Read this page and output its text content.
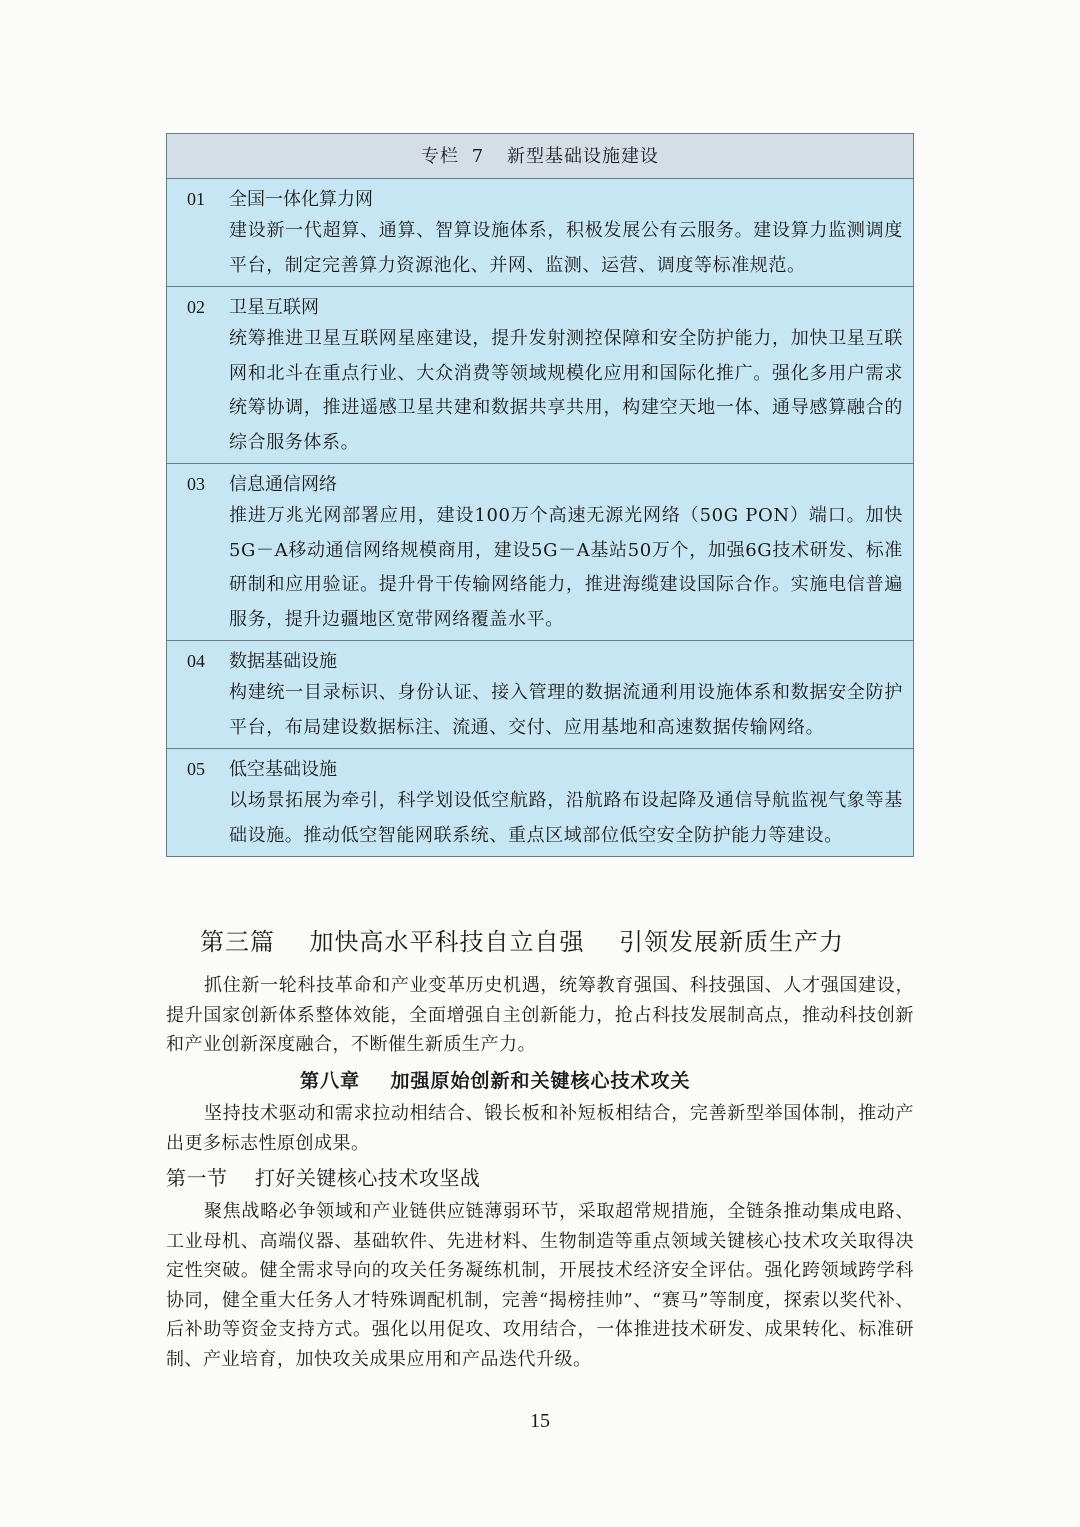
专栏 7 新型基础设施建设
01 全国一体化算力网
建设新一代超算、通算、智算设施体系，积极发展公有云服务。建设算力监测调度平台，制定完善算力资源池化、并网、监测、运营、调度等标准规范。
02 卫星互联网
统筹推进卫星互联网星座建设，提升发射测控保障和安全防护能力，加快卫星互联网和北斗在重点行业、大众消费等领域规模化应用和国际化推广。强化多用户需求统筹协调，推进遥感卫星共建和数据共享共用，构建空天地一体、通导感算融合的综合服务体系。
03 信息通信网络
推进万兆光网部署应用，建设100万个高速无源光网络（50G PON）端口。加快5G－A移动通信网络规模商用，建设5G－A基站50万个，加强6G技术研发、标准研制和应用验证。提升骨干传输网络能力，推进海缆建设国际合作。实施电信普遍服务，提升边疆地区宽带网络覆盖水平。
04 数据基础设施
构建统一目录标识、身份认证、接入管理的数据流通利用设施体系和数据安全防护平台，布局建设数据标注、流通、交付、应用基地和高速数据传输网络。
05 低空基础设施
以场景拓展为牵引，科学划设低空航路，沿航路布设起降及通信导航监视气象等基础设施。推动低空智能网联系统、重点区域部位低空安全防护能力等建设。
第三篇    加快高水平科技自立自强    引领发展新质生产力
抓住新一轮科技革命和产业变革历史机遇，统筹教育强国、科技强国、人才强国建设，提升国家创新体系整体效能，全面增强自主创新能力，抢占科技发展制高点，推动科技创新和产业创新深度融合，不断催生新质生产力。
第八章    加强原始创新和关键核心技术攻关
坚持技术驱动和需求拉动相结合、锻长板和补短板相结合，完善新型举国体制，推动产出更多标志性原创成果。
第一节    打好关键核心技术攻坚战
聚焦战略必争领域和产业链供应链薄弱环节，采取超常规措施，全链条推动集成电路、工业母机、高端仪器、基础软件、先进材料、生物制造等重点领域关键核心技术攻关取得决定性突破。健全需求导向的攻关任务凝练机制，开展技术经济安全评估。强化跨领域跨学科协同，健全重大任务人才特殊调配机制，完善“揭榜挂帅”、“赛马”等制度，探索以奖代补、后补助等资金支持方式。强化以用促攻、攻用结合，一体推进技术研发、成果转化、标准研制、产业培育，加快攻关成果应用和产品迭代升级。
15
